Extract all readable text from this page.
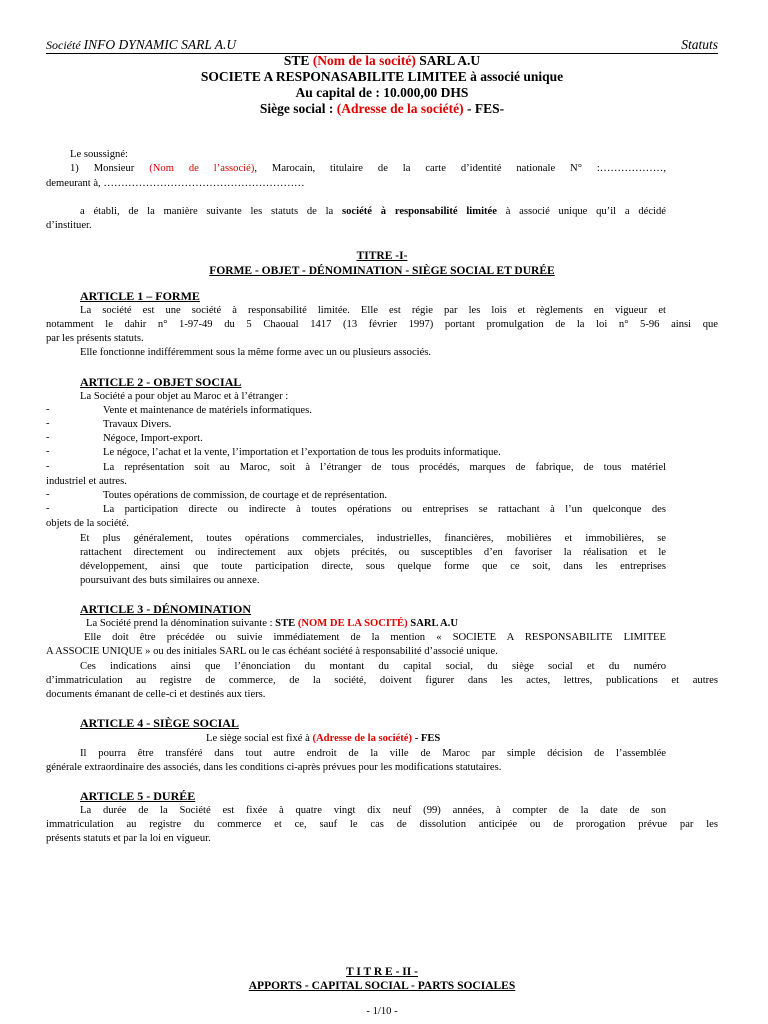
Société INFO DYNAMIC SARL A.U	Statuts
STE (Nom de la socité) SARL A.U
SOCIETE A RESPONASABILITE LIMITEE à associé unique
Au capital de : 10.000,00 DHS
Siège social : (Adresse de la société) - FES-
Le soussigné:
1) Monsieur (Nom de l’associé), Marocain, titulaire de la carte d’identité nationale N° :………………,
demeurant à, …………………………………………………
a établi, de la manière suivante les statuts de la société à responsabilité limitée à associé unique qu’il a décidé
d’instituer.
TITRE -I-
FORME - OBJET - DÉNOMINATION - SIÈGE SOCIAL ET DURÉE
ARTICLE 1 – FORME
La société est une société à responsabilité limitée. Elle est régie par les lois et règlements en vigueur et
notamment le dahir n° 1-97-49 du 5 Chaoual 1417 (13 février 1997) portant promulgation de la loi n° 5-96 ainsi que
par les présents statuts.
Elle fonctionne indifféremment sous la même forme avec un ou plusieurs associés.
ARTICLE 2 - OBJET SOCIAL
La Société a pour objet au Maroc et à l’étranger :
-	Vente et maintenance de matériels informatiques.
-	Travaux Divers.
-	Négoce, Import-export.
-	Le négoce, l’achat et la vente, l’importation et l’exportation de tous les produits informatique.
-	La représentation soit au Maroc, soit à l’étranger de tous procédés, marques de fabrique, de tous matériel
industriel et autres.
-	Toutes opérations de commission, de courtage et de représentation.
-	La participation directe ou indirecte à toutes opérations ou entreprises se rattachant à l’un quelconque des
objets de la société.
Et plus généralement, toutes opérations commerciales, industrielles, financières, mobilières et immobilières, se
rattachent directement ou indirectement aux objets précités, ou susceptibles d’en favoriser la réalisation et le
développement, ainsi que toute participation directe, sous quelque forme que ce soit, dans les entreprises
poursuivant des buts similaires ou annexe.
ARTICLE 3 - DÉNOMINATION
La Société prend la dénomination suivante : STE (NOM DE LA SOCITÉ) SARL A.U
Elle doit être précédée ou suivie immédiatement de la mention « SOCIETE A RESPONSABILITE LIMITEE
A ASSOCIE UNIQUE » ou des initiales SARL ou le cas échéant société à responsabilité d’associé unique.
Ces indications ainsi que l’énonciation du montant du capital social, du siège social et du numéro
d’immatriculation au registre de commerce, de la société, doivent figurer dans les actes, lettres, publications et autres
documents émanant de celle-ci et destinés aux tiers.
ARTICLE 4 - SIÈGE SOCIAL
Le siège social est fixé à (Adresse de la société) - FES
Il pourra être transféré dans tout autre endroit de la ville de Maroc par simple décision de l’assemblée
générale extraordinaire des associés, dans les conditions ci-après prévues pour les modifications statutaires.
ARTICLE 5 - DURÉE
La durée de la Société est fixée à quatre vingt dix neuf (99) années, à compter de la date de son
immatriculation au registre du commerce et ce, sauf le cas de dissolution anticipée ou de prorogation prévue par les
présents statuts et par la loi en vigueur.
T I T R E - II -
APPORTS - CAPITAL SOCIAL - PARTS SOCIALES
- 1/10 -
